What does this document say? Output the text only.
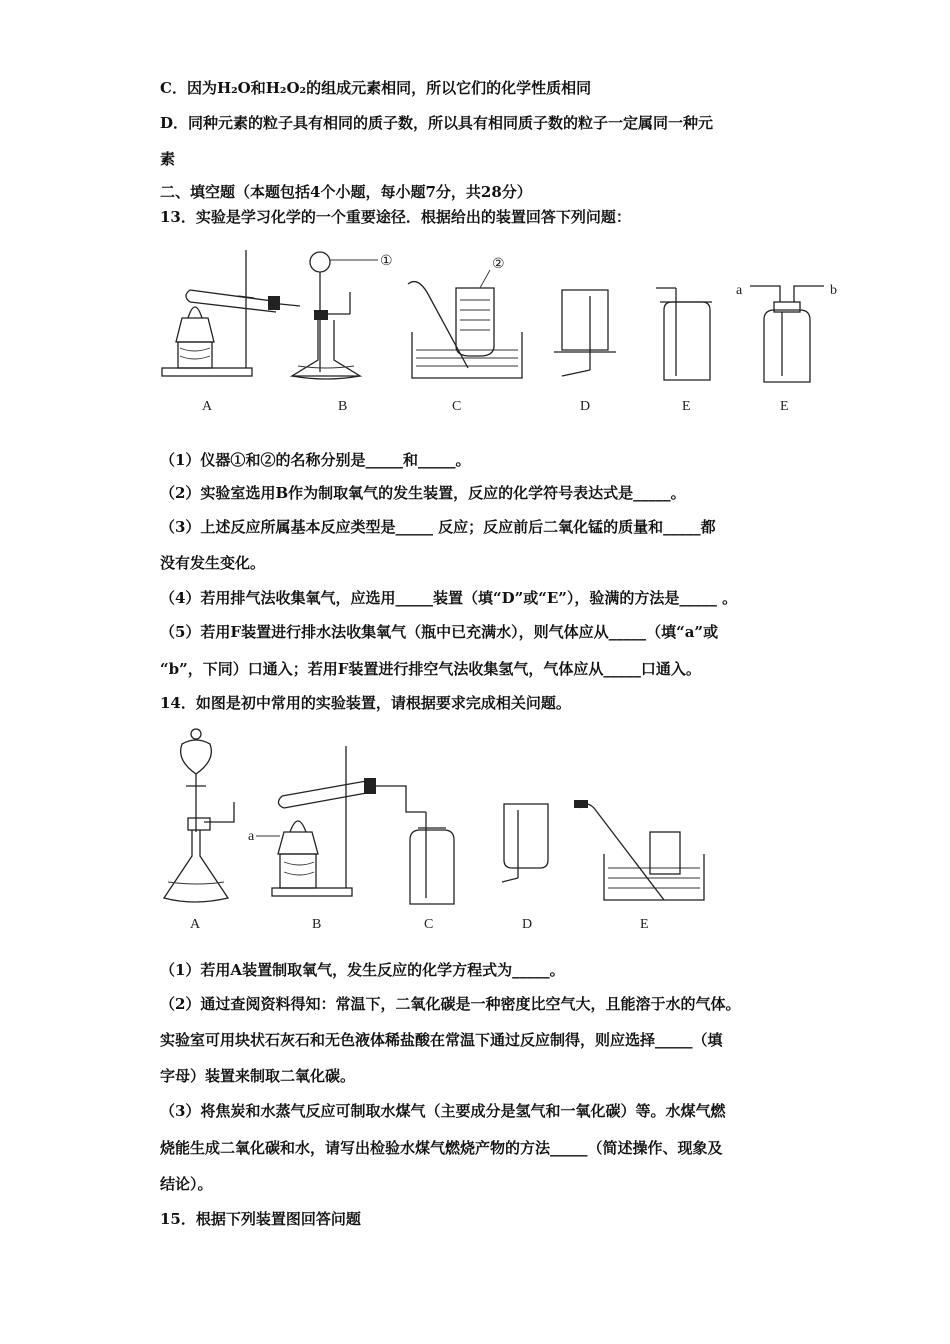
C．因为H₂O和H₂O₂的组成元素相同，所以它们的化学性质相同
D．同种元素的粒子具有相同的质子数，所以具有相同质子数的粒子一定属同一种元
素
二、填空题（本题包括4个小题，每小题7分，共28分）
13．实验是学习化学的一个重要途径．根据给出的装置回答下列问题：
A
①
B
②
C	D	E
a	b
E
（1）仪器①和②的名称分别是_____和_____。
（2）实验室选用B作为制取氧气的发生装置，反应的化学符号表达式是_____。
（3）上述反应所属基本反应类型是_____ 反应；反应前后二氧化锰的质量和_____都
没有发生变化。
（4）若用排气法收集氧气，应选用_____装置（填“D”或“E”），验满的方法是_____ 。
（5）若用F装置进行排水法收集氧气（瓶中已充满水），则气体应从_____（填“a”或
“b”，下同）口通入；若用F装置进行排空气法收集氢气，气体应从_____口通入。
14．如图是初中常用的实验装置，请根据要求完成相关问题。
A
a
B	C	D	E
（1）若用A装置制取氧气，发生反应的化学方程式为_____。
（2）通过查阅资料得知：常温下，二氧化碳是一种密度比空气大，且能溶于水的气体。
实验室可用块状石灰石和无色液体稀盐酸在常温下通过反应制得，则应选择_____（填
字母）装置来制取二氧化碳。
（3）将焦炭和水蒸气反应可制取水煤气（主要成分是氢气和一氧化碳）等。水煤气燃
烧能生成二氧化碳和水，请写出检验水煤气燃烧产物的方法_____（简述操作、现象及
结论）。
15．根据下列装置图回答问题
